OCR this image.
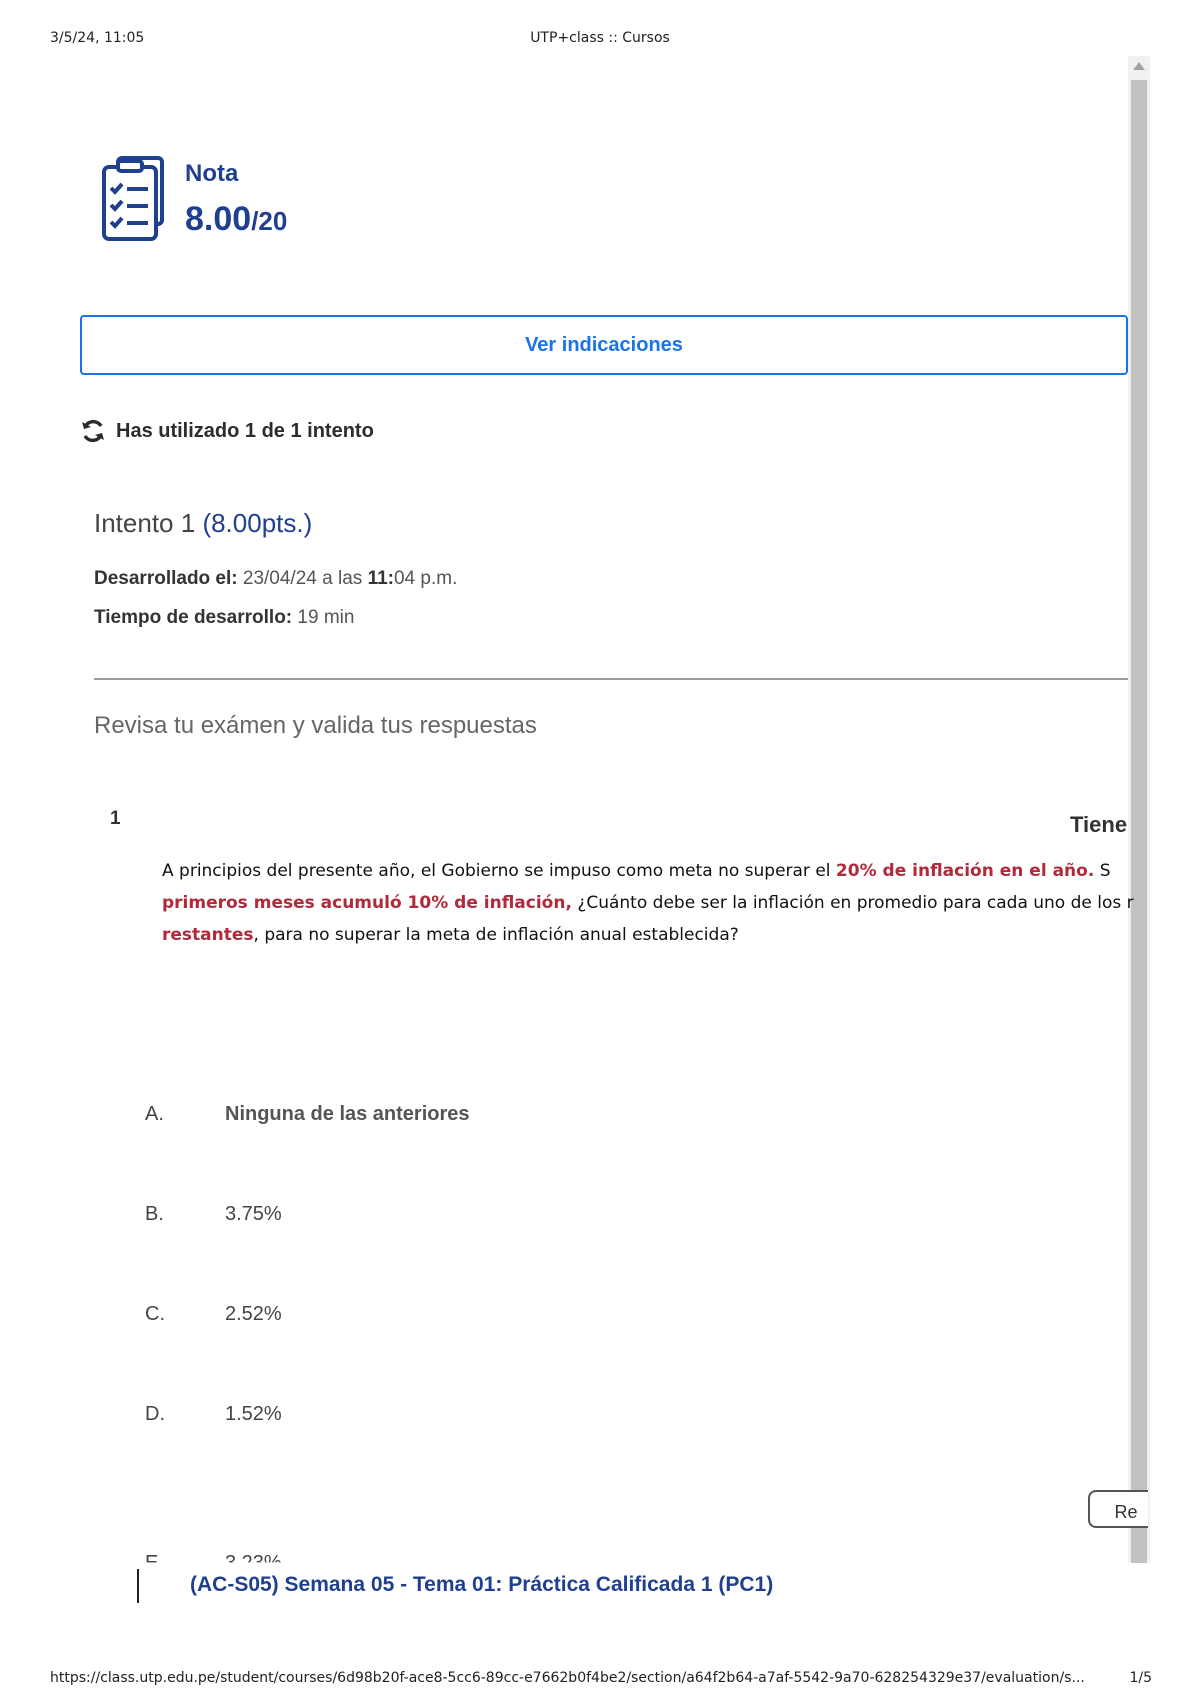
3/5/24, 11:05	UTP+class :: Cursos
Nota
8.00/20
Ver indicaciones
Has utilizado 1 de 1 intento
Intento 1 (8.00pts.)
Desarrollado el: 23/04/24 a las 11:04 p.m.
Tiempo de desarrollo: 19 min
Revisa tu exámen y valida tus respuestas
1	Tiene
A principios del presente año, el Gobierno se impuso como meta no superar el 20% de inflación en el año. S
primeros meses acumuló 10% de inflación, ¿Cuánto debe ser la inflación en promedio para cada uno de los r
restantes, para no superar la meta de inflación anual establecida?
A.	Ninguna de las anteriores
B.	3.75%
C.	2.52%
D.	1.52%
Re
(AC-S05) Semana 05 - Tema 01: Práctica Calificada 1 (PC1)
https://class.utp.edu.pe/student/courses/6d98b20f-ace8-5cc6-89cc-e7662b0f4be2/section/a64f2b64-a7af-5542-9a70-628254329e37/evaluation/s...	1/5
